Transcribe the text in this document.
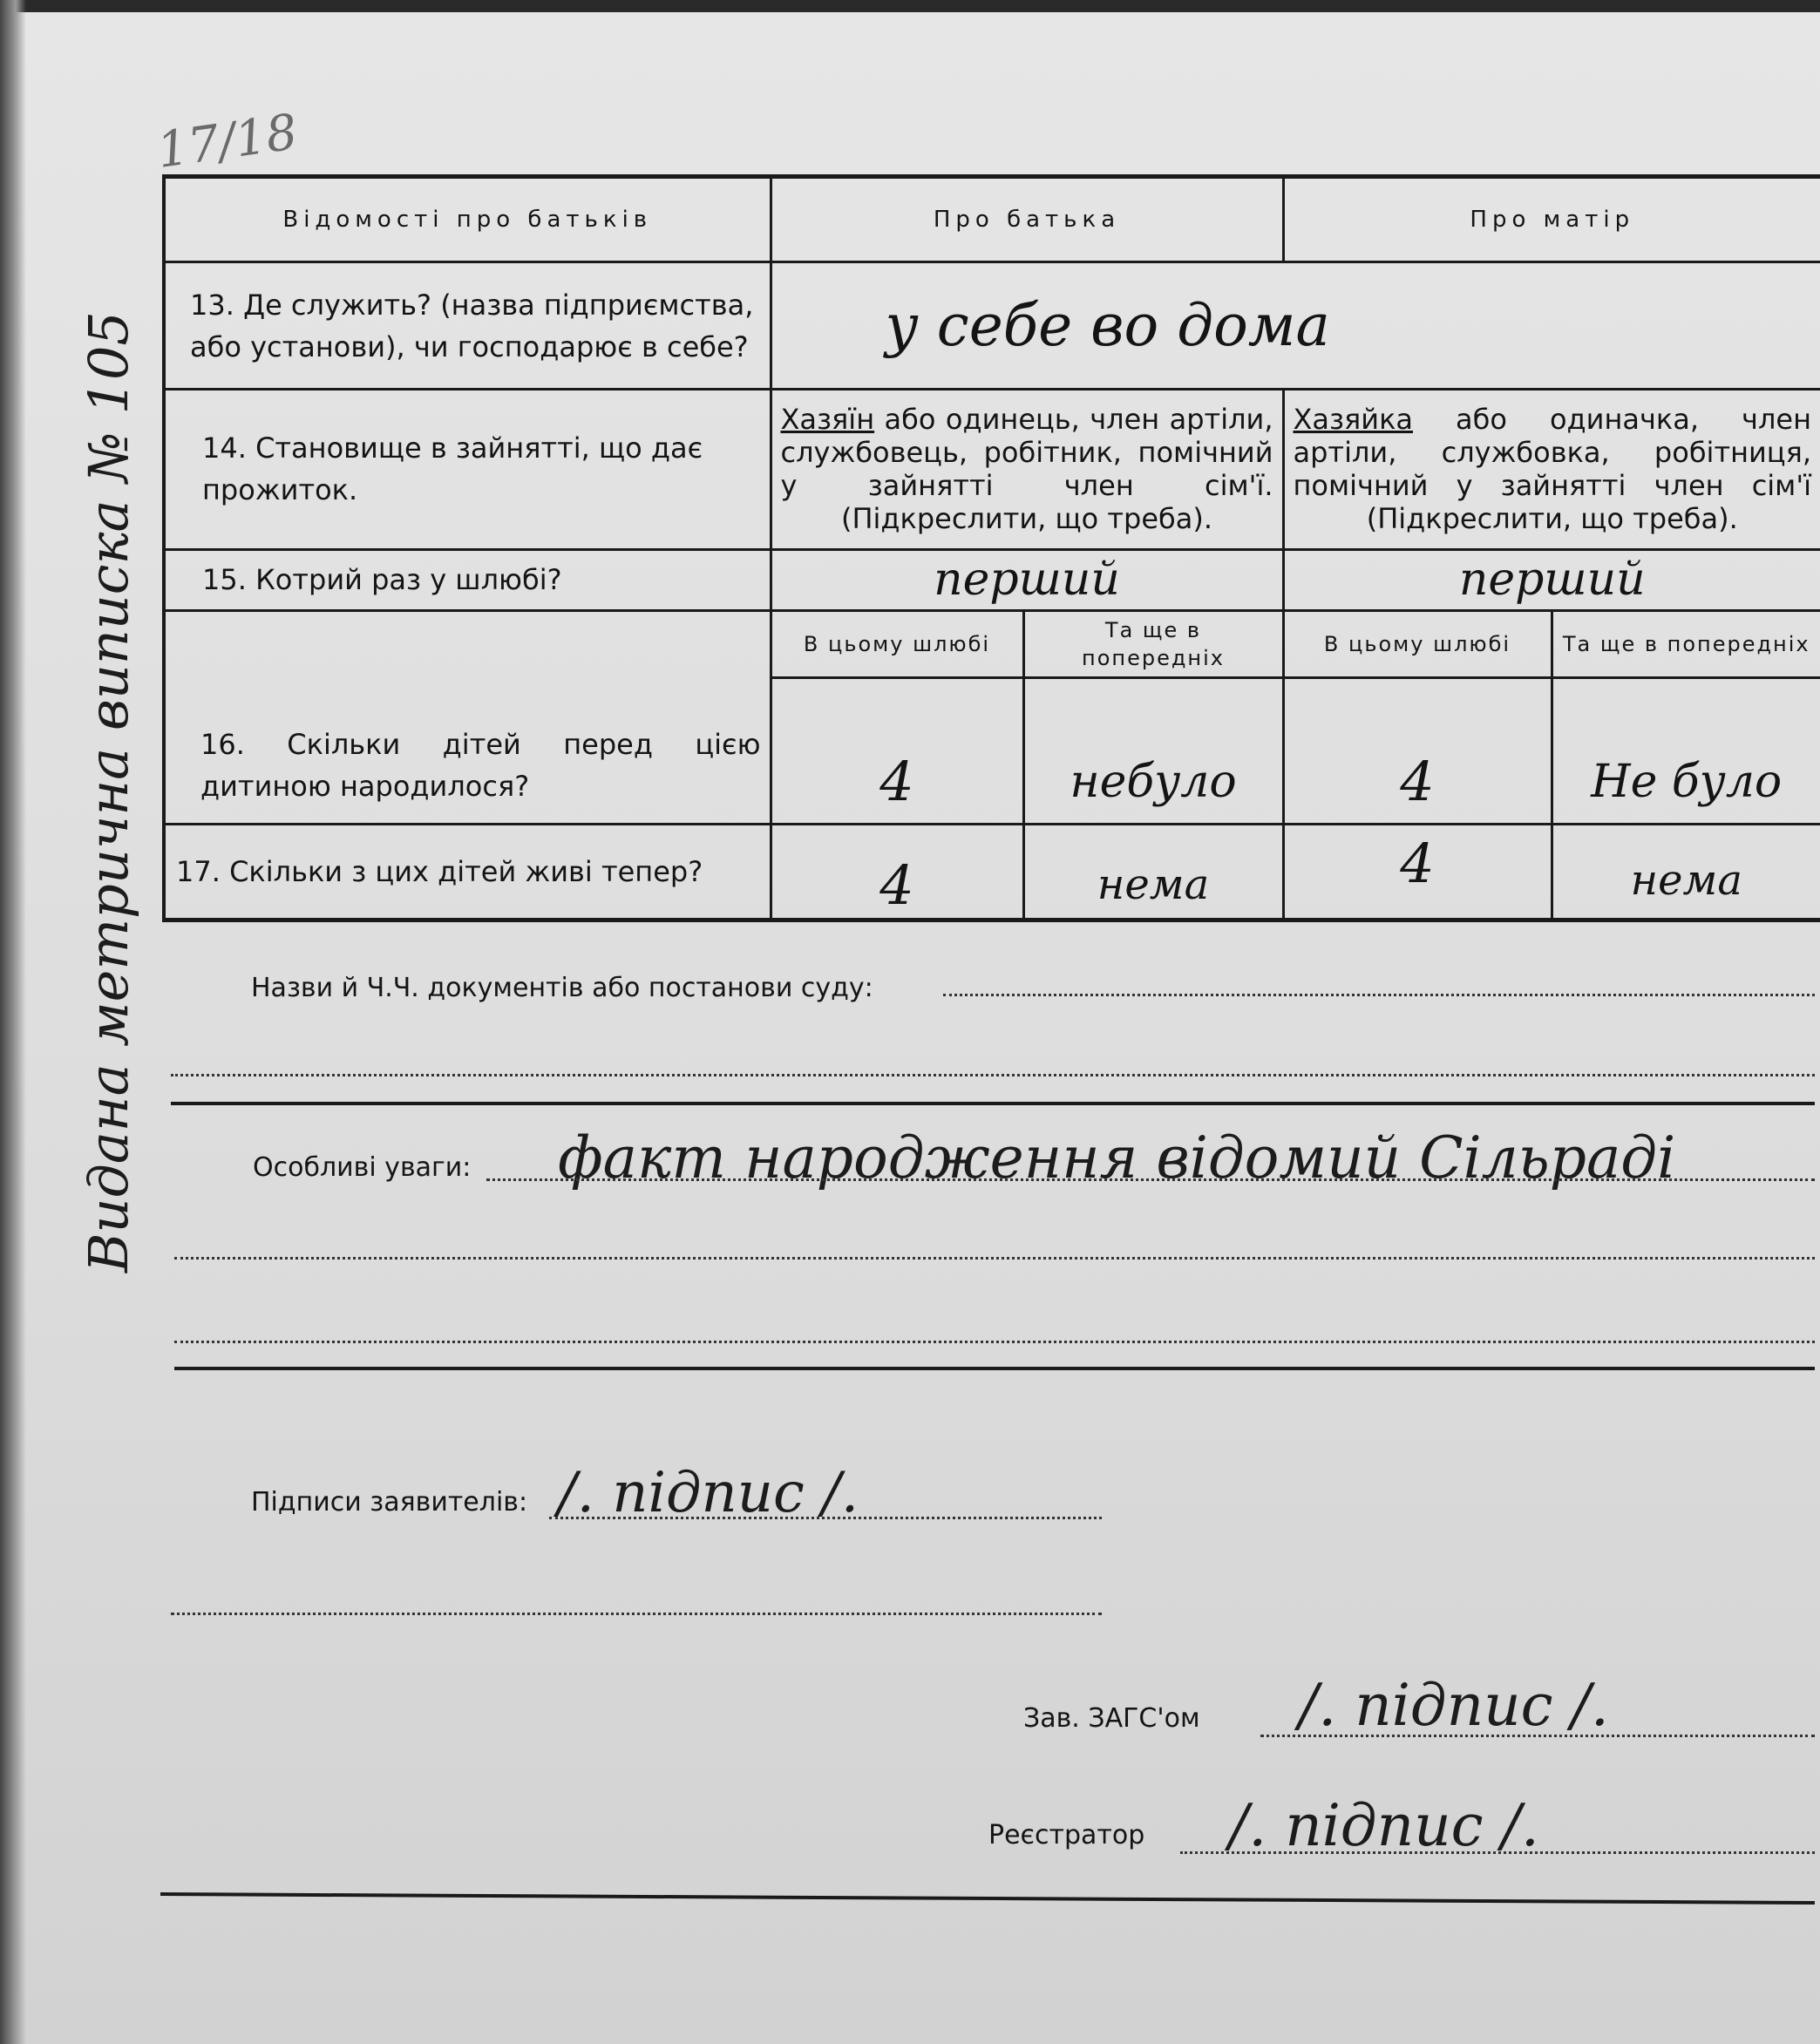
17/18
Видана метрична виписка № 105
Відомості про батьків	Про батька		Про матір	
13. Де служить? (назва підприємства, або установи), чи господарює в себе?	у себе во дома			

14. Становище в зайнятті, що дає прожиток.	Хазяїн або одинець, член артіли, службовець, робітник, помічний у зайнятті член сім'ї. (Підкреслити, що треба).		Хазяйка або одиначка, член артіли, службовка, робітниця, помічний у зайнятті член сім'ї (Підкреслити, що треба).	
15. Котрий раз у шлюбі?	перший		перший	

16. Скільки дітей перед цією дитиною народилося?	В цьому шлюбі	Та ще в попередніх	В цьому шлюбі	Та ще в попередніх

	4	небуло	4	Не було

17. Скільки з цих дітей живі тепер?	4	нема	4	нема
Назви й Ч.Ч. документів або постанови суду:
Особливі уваги: факт народження відомий Сільраді
Підписи заявителів: /. підпис /.
Зав. ЗАГС'ом /. підпис /.
Реєстратор /. підпис /.
